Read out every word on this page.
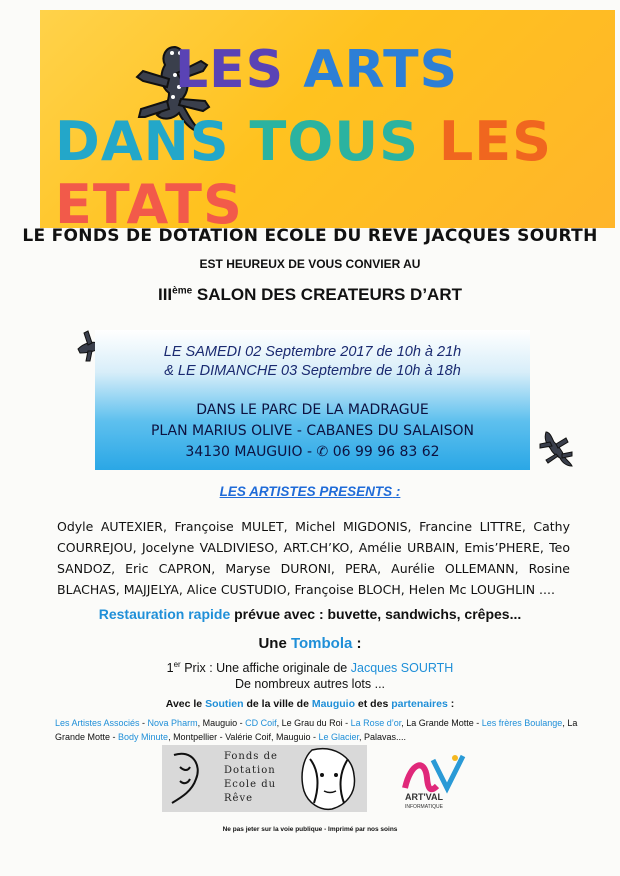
LES ARTS
DANS TOUS LES ETATS
LE FONDS DE DOTATION ECOLE DU REVE JACQUES SOURTH
EST HEUREUX DE VOUS CONVIER AU
IIIème SALON DES CREATEURS D’ART
LE SAMEDI 02 Septembre 2017 de 10h à 21h
& LE DIMANCHE 03 Septembre de 10h à 18h
DANS LE PARC DE LA MADRAGUE
PLAN MARIUS OLIVE - CABANES DU SALAISON
34130 MAUGUIO - ✆ 06 99 96 83 62
LES ARTISTES PRESENTS :
Odyle AUTEXIER, Françoise MULET, Michel MIGDONIS, Francine LITTRE, Cathy COURREJOU, Jocelyne VALDIVIESO, ART.CH’KO, Amélie URBAIN, Emis’PHERE, Teo SANDOZ, Eric CAPRON, Maryse DURONI, PERA, Aurélie OLLEMANN, Rosine BLACHAS, MAJJELYA, Alice CUSTUDIO, Françoise BLOCH, Helen Mc LOUGHLIN ....
Restauration rapide prévue avec : buvette, sandwichs, crêpes...
Une Tombola :
1er Prix : Une affiche originale de Jacques SOURTH
De nombreux autres lots ...
Avec le Soutien de la ville de Mauguio et des partenaires :
Les Artistes Associés - Nova Pharm, Mauguio - CD Coif, Le Grau du Roi - La Rose d’or, La Grande Motte - Les frères Boulange, La Grande Motte - Body Minute, Montpellier - Valérie Coif, Mauguio - Le Glacier, Palavas....
Fonds de
Dotation
Ecole du
Rêve	ART'VAL
INFORMATIQUE
Ne pas jeter sur la voie publique - Imprimé par nos soins
